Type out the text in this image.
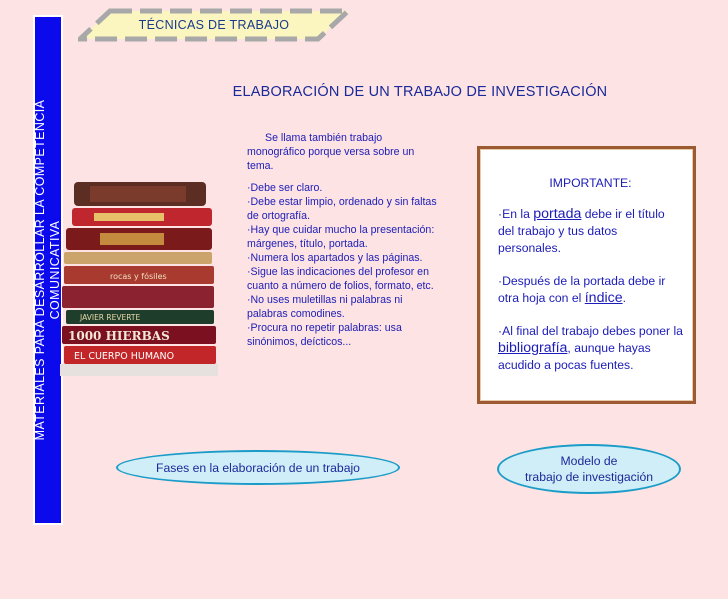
MATERIALES PARA DESARROLLAR LA COMPETENCIA COMUNICATIVA
TÉCNICAS DE TRABAJO
ELABORACIÓN DE UN TRABAJO DE INVESTIGACIÓN
rocas y fósiles
JAVIER REVERTE
1000 HIERBAS
EL CUERPO HUMANO

Se llama también trabajo monográfico porque versa sobre un tema.

· Debe ser claro.
· Debe estar limpio, ordenado y sin faltas de ortografía.
· Hay que cuidar mucho la presentación: márgenes, título, portada.
· Numera los apartados y las páginas.
· Sigue las indicaciones del profesor en cuanto a número de folios, formato, etc.
· No uses muletillas ni palabras ni palabras comodines.
· Procura no repetir palabras: usa sinónimos, deícticos...
IMPORTANTE:

· En la portada debe ir el título del trabajo y tus datos personales.

· Después de la portada debe ir otra hoja con el índice.

· Al final del trabajo debes poner la bibliografía, aunque hayas acudido a pocas fuentes.

Fases en la elaboración de un trabajo	Modelo de
trabajo de investigación
